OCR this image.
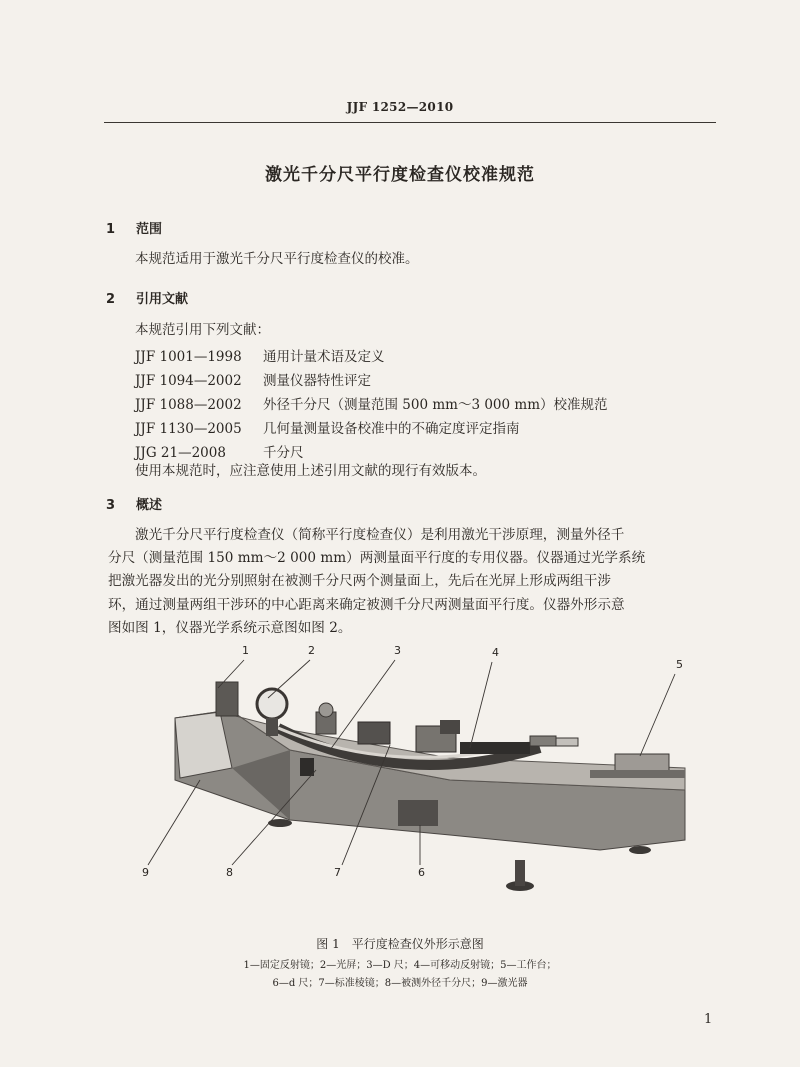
JJF 1252—2010
激光千分尺平行度检查仪校准规范
1 范围
本规范适用于激光千分尺平行度检查仪的校准。
2 引用文献
本规范引用下列文献：
JJF 1001—1998 通用计量术语及定义
JJF 1094—2002 测量仪器特性评定
JJF 1088—2002 外径千分尺（测量范围 500 mm～3 000 mm）校准规范
JJF 1130—2005 几何量测量设备校准中的不确定度评定指南
JJG 21—2008	千分尺
使用本规范时，应注意使用上述引用文献的现行有效版本。
3 概述
激光千分尺平行度检查仪（简称平行度检查仪）是利用激光干涉原理，测量外径千
分尺（测量范围 150 mm～2 000 mm）两测量面平行度的专用仪器。仪器通过光学系统
把激光器发出的光分别照射在被测千分尺两个测量面上，先后在光屏上形成两组干涉
环，通过测量两组干涉环的中心距离来确定被测千分尺两测量面平行度。仪器外形示意
图如图 1，仪器光学系统示意图如图 2。
1	2	3	4
5
6
7
8
9
图 1　平行度检查仪外形示意图
1—固定反射镜；2—光屏；3—D 尺；4—可移动反射镜；5—工作台；
6—d 尺；7—标准棱镜；8—被测外径千分尺；9—激光器
1
